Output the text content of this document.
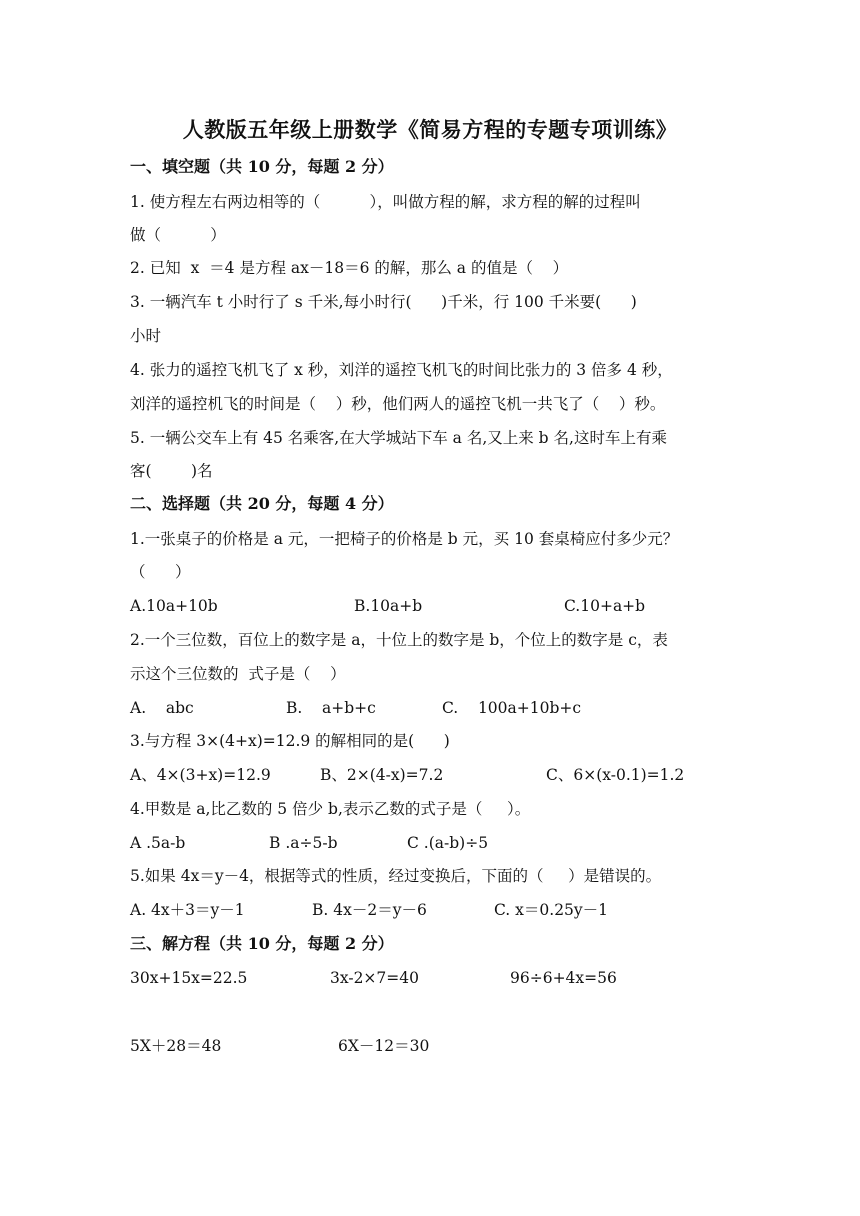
人教版五年级上册数学《简易方程的专题专项训练》
一、填空题（共 10 分，每题 2 分）
1. 使方程左右两边相等的（          ），叫做方程的解，求方程的解的过程叫
做（          ）
2. 已知  x  ＝4 是方程 ax－18＝6 的解，那么 a 的值是（    ）
3. 一辆汽车 t 小时行了 s 千米,每小时行(      )千米，行 100 千米要(      )
小时
4. 张力的遥控飞机飞了 x 秒，刘洋的遥控飞机飞的时间比张力的 3 倍多 4 秒，
刘洋的遥控机飞的时间是（    ）秒，他们两人的遥控飞机一共飞了（    ）秒。
5. 一辆公交车上有 45 名乘客,在大学城站下车 a 名,又上来 b 名,这时车上有乘
客(        )名
二、选择题（共 20 分，每题 4 分）
1.一张桌子的价格是 a 元，一把椅子的价格是 b 元，买 10 套桌椅应付多少元？
（      ）
A.10a+10b	B.10a+b	C.10+a+b
2.一个三位数，百位上的数字是 a，十位上的数字是 b，个位上的数字是 c，表
示这个三位数的  式子是（    ）
A.    abc	B.    a+b+c	C.    100a+10b+c
3.与方程 3×(4+x)=12.9 的解相同的是(      )
A、4×(3+x)=12.9	B、2×(4-x)=7.2	C、6×(x-0.1)=1.2
4.甲数是 a,比乙数的 5 倍少 b,表示乙数的式子是（     ）。
A .5a-b	B .a÷5-b	C .(a-b)÷5
5.如果 4x＝y－4，根据等式的性质，经过变换后，下面的（     ）是错误的。
A. 4x＋3＝y－1	B. 4x－2＝y－6	C. x＝0.25y－1
三、解方程（共 10 分，每题 2 分）
30x+15x=22.5	3x-2×7=40	96÷6+4x=56
5X＋28＝48	6X－12＝30
